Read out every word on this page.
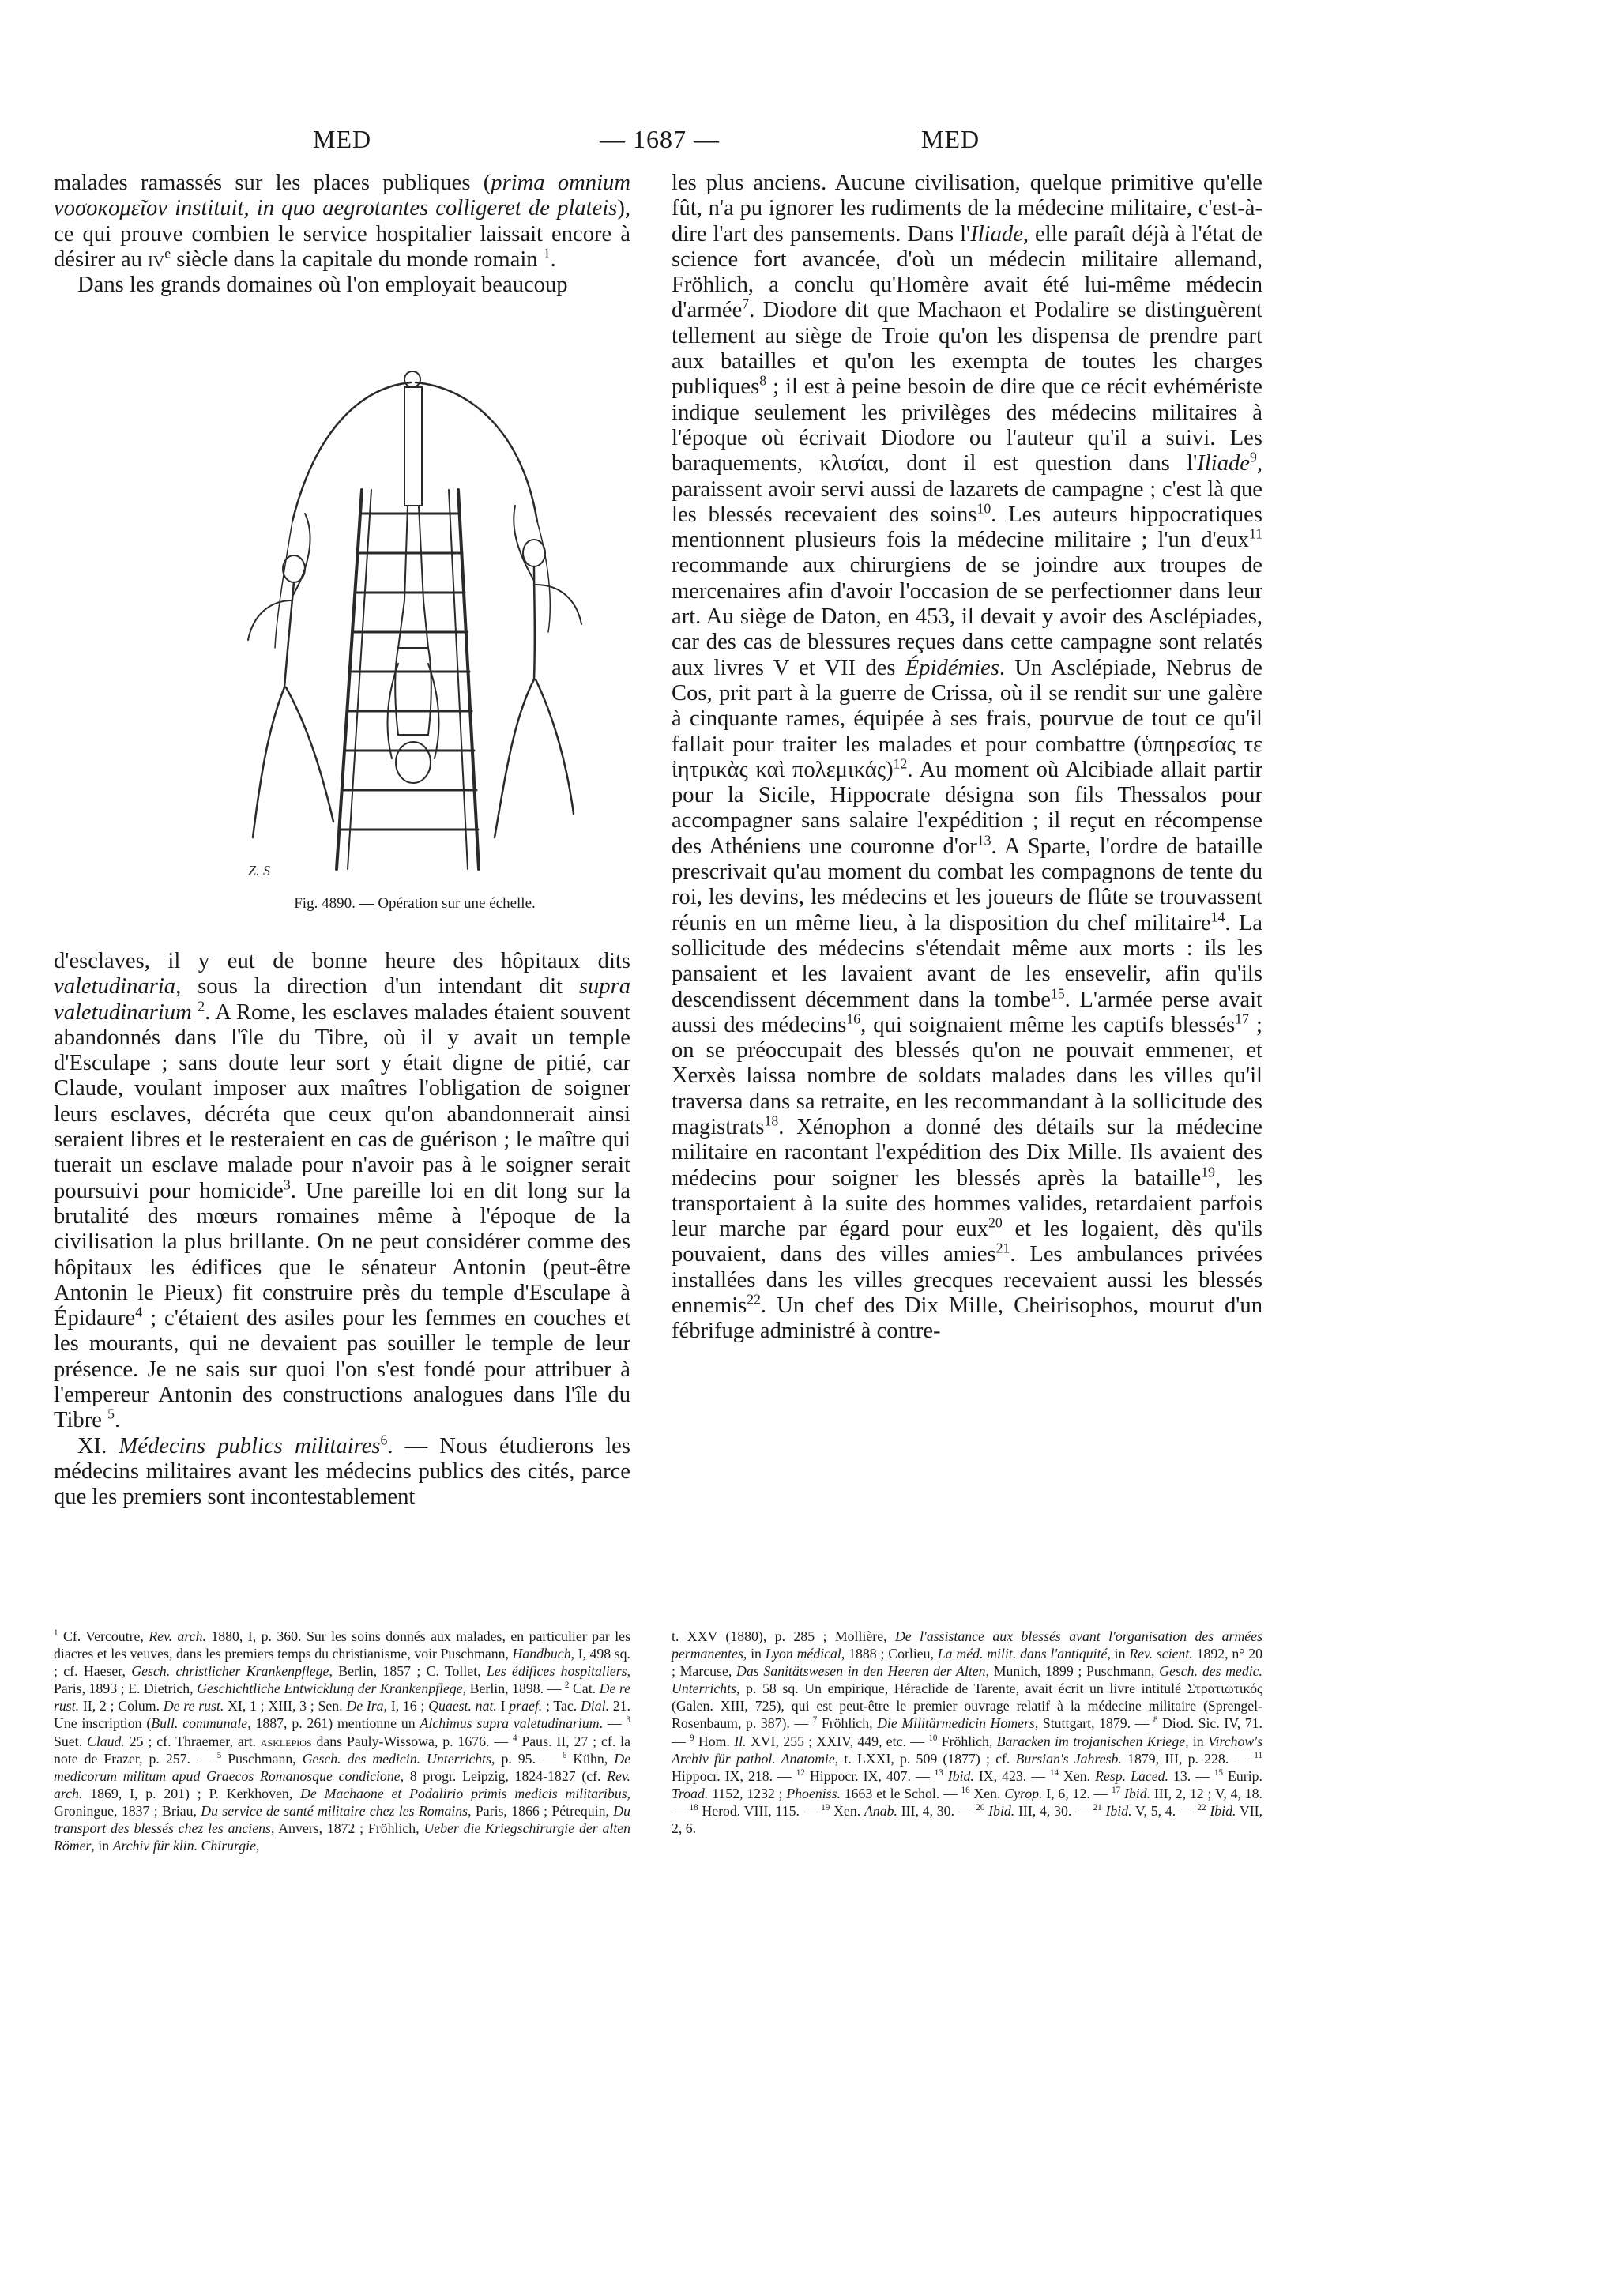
MED	— 1687 —	MED

malades ramassés sur les places publiques (prima omnium νοσοκομεῖον instituit, in quo aegrotantes colligeret de plateis), ce qui prouve combien le service hospitalier laissait encore à désirer au $iv^e$ siècle dans la capitale du monde romain $^1$.

Dans les grands domaines où l'on employait beaucoup

Z. S
Fig. 4890. — Opération sur une échelle.

d'esclaves, il y eut de bonne heure des hôpitaux dits valetudinaria, sous la direction d'un intendant dit supra valetudinarium $^2$. A Rome, les esclaves malades étaient souvent abandonnés dans l'île du Tibre, où il y avait un temple d'Esculape ; sans doute leur sort y était digne de pitié, car Claude, voulant imposer aux maîtres l'obligation de soigner leurs esclaves, décréta que ceux qu'on abandonnerait ainsi seraient libres et le resteraient en cas de guérison ; le maître qui tuerait un esclave malade pour n'avoir pas à le soigner serait poursuivi pour homicide$^3$. Une pareille loi en dit long sur la brutalité des mœurs romaines même à l'époque de la civilisation la plus brillante. On ne peut considérer comme des hôpitaux les édifices que le sénateur Antonin (peut-être Antonin le Pieux) fit construire près du temple d'Esculape à Épidaure$^4$ ; c'étaient des asiles pour les femmes en couches et les mourants, qui ne devaient pas souiller le temple de leur présence. Je ne sais sur quoi l'on s'est fondé pour attribuer à l'empereur Antonin des constructions analogues dans l'île du Tibre $^5$.

XI. Médecins publics militaires$^6$. — Nous étudierons les médecins militaires avant les médecins publics des cités, parce que les premiers sont incontestablement

les plus anciens. Aucune civilisation, quelque primitive qu'elle fût, n'a pu ignorer les rudiments de la médecine militaire, c'est-à-dire l'art des pansements. Dans l'Iliade, elle paraît déjà à l'état de science fort avancée, d'où un médecin militaire allemand, Fröhlich, a conclu qu'Homère avait été lui-même médecin d'armée$^7$. Diodore dit que Machaon et Podalire se distinguèrent tellement au siège de Troie qu'on les dispensa de prendre part aux batailles et qu'on les exempta de toutes les charges publiques$^8$ ; il est à peine besoin de dire que ce récit evhémériste indique seulement les privilèges des médecins militaires à l'époque où écrivait Diodore ou l'auteur qu'il a suivi. Les baraquements, κλισίαι, dont il est question dans l'Iliade$^9$, paraissent avoir servi aussi de lazarets de campagne ; c'est là que les blessés recevaient des soins$^{10}$. Les auteurs hippocratiques mentionnent plusieurs fois la médecine militaire ; l'un d'eux$^{11}$ recommande aux chirurgiens de se joindre aux troupes de mercenaires afin d'avoir l'occasion de se perfectionner dans leur art. Au siège de Daton, en 453, il devait y avoir des Asclépiades, car des cas de blessures reçues dans cette campagne sont relatés aux livres V et VII des Épidémies. Un Asclépiade, Nebrus de Cos, prit part à la guerre de Crissa, où il se rendit sur une galère à cinquante rames, équipée à ses frais, pourvue de tout ce qu'il fallait pour traiter les malades et pour combattre (ὑπηρεσίας τε ἰητρικὰς καὶ πολεμικάς)$^{12}$. Au moment où Alcibiade allait partir pour la Sicile, Hippocrate désigna son fils Thessalos pour accompagner sans salaire l'expédition ; il reçut en récompense des Athéniens une couronne $d'or^{13}$. A Sparte, l'ordre de bataille prescrivait qu'au moment du combat les compagnons de tente du roi, les devins, les médecins et les joueurs de flûte se trouvassent réunis en un même lieu, à la disposition du chef militaire$^{14}$. La sollicitude des médecins s'étendait même aux morts : ils les pansaient et les lavaient avant de les ensevelir, afin qu'ils descendissent décemment dans la tombe$^{15}$. L'armée perse avait aussi des médecins$^{16}$, qui soignaient même les captifs blessés$^{17}$ ; on se préoccupait des blessés qu'on ne pouvait emmener, et Xerxès laissa nombre de soldats malades dans les villes qu'il traversa dans sa retraite, en les recommandant à la sollicitude des magistrats$^{18}$. Xénophon a donné des détails sur la médecine militaire en racontant l'expédition des Dix Mille. Ils avaient des médecins pour soigner les blessés après la bataille$^{19}$, les transportaient à la suite des hommes valides, retardaient parfois leur marche par égard pour eux$^{20}$ et les logaient, dès qu'ils pouvaient, dans des villes amies$^{21}$. Les ambulances privées installées dans les villes grecques recevaient aussi les blessés ennemis$^{22}$. Un chef des Dix Mille, Cheirisophos, mourut d'un fébrifuge administré à contre-

$^1$ Cf. Vercoutre, Rev. arch. 1880, I, p. 360. Sur les soins donnés aux malades, en particulier par les diacres et les veuves, dans les premiers temps du christianisme, voir Puschmann, Handbuch, I, 498 sq. ; cf. Haeser, Gesch. christlicher Krankenpflege, Berlin, 1857 ; C. Tollet, Les édifices hospitaliers, Paris, 1893 ; E. Dietrich, Geschichtliche Entwicklung der Krankenpflege, Berlin, 1898. — $^2$ Cat. De re rust. II, 2 ; Colum. De re rust. XI, 1 ; XIII, 3 ; Sen. De Ira, I, 16 ; Quaest. nat. I praef. ; Tac. Dial. 21. Une inscription (Bull. communale, 1887, p. 261) mentionne un Alchimus supra valetudinarium. — $^3$ Suet. Claud. 25 ; cf. Thraemer, art. asklepios dans Pauly-Wissowa, p. 1676. — $^4$ Paus. II, 27 ; cf. la note de Frazer, p. 257. — $^5$ Puschmann, Gesch. des medicin. Unterrichts, p. 95. — $^6$ Kühn, De medicorum militum apud Graecos Romanosque condicione, 8 progr. Leipzig, 1824-1827 (cf. Rev. arch. 1869, I, p. 201) ; P. Kerkhoven, De Machaone et Podalirio primis medicis militaribus, Groningue, 1837 ; Briau, Du service de santé militaire chez les Romains, Paris, 1866 ; Pétrequin, Du transport des blessés chez les anciens, Anvers, 1872 ; Fröhlich, Ueber die Kriegschirurgie der alten Römer, in Archiv für klin. Chirurgie,
t. XXV (1880), p. 285 ; Mollière, De l'assistance aux blessés avant l'organisation des armées permanentes, in Lyon médical, 1888 ; Corlieu, La méd. milit. dans l'antiquité, in Rev. scient. 1892, n° 20 ; Marcuse, Das Sanitätswesen in den Heeren der Alten, Munich, 1899 ; Puschmann, Gesch. des medic. Unterrichts, p. 58 sq. Un empirique, Héraclide de Tarente, avait écrit un livre intitulé Στρατιωτικός (Galen. XIII, 725), qui est peut-être le premier ouvrage relatif à la médecine militaire (Sprengel-Rosenbaum, p. 387). — $^7$ Fröhlich, Die Militärmedicin Homers, Stuttgart, 1879. — $^8$ Diod. Sic. IV, 71. — $^9$ Hom. Il. XVI, 255 ; XXIV, 449, etc. — $^{10}$ Fröhlich, Baracken im trojanischen Kriege, in Virchow's Archiv für pathol. Anatomie, t. LXXI, p. 509 (1877) ; cf. Bursian's Jahresb. 1879, III, p. 228. — $^{11}$ Hippocr. IX, 218. — $^{12}$ Hippocr. IX, 407. — $^{13}$ Ibid. IX, 423. — $^{14}$ Xen. Resp. Laced. 13. — $^{15}$ Eurip. Troad. 1152, 1232 ; Phoeniss. 1663 et le Schol. — $^{16}$ Xen. Cyrop. I, 6, 12. — $^{17}$ Ibid. III, 2, 12 ; V, 4, 18. — $^{18}$ Herod. VIII, 115. — $^{19}$ Xen. Anab. III, 4, 30. — $^{20}$ Ibid. III, 4, 30. — $^{21}$ Ibid. V, 5, 4. — $^{22}$ Ibid. VII, 2, 6.
